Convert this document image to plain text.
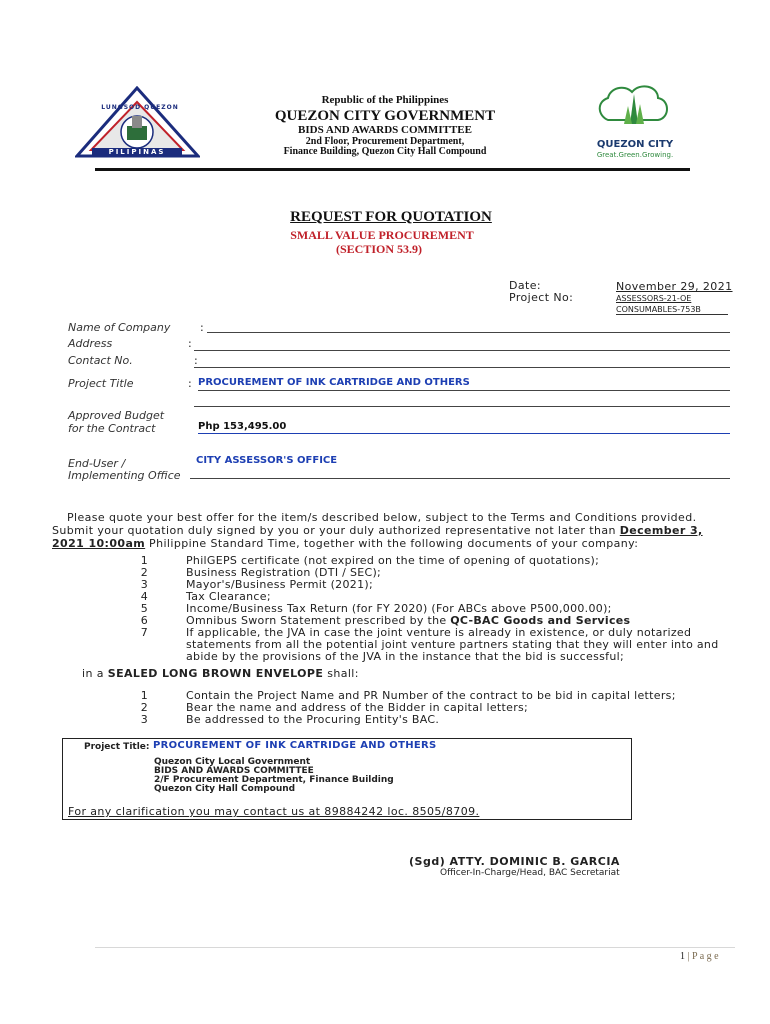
LUNGSOD QUEZON
PILIPINAS
Republic of the Philippines
QUEZON CITY GOVERNMENT
BIDS AND AWARDS COMMITTEE
2nd Floor, Procurement Department,
Finance Building, Quezon City Hall Compound
QUEZON CITY
Great.Green.Growing.
REQUEST FOR QUOTATION
SMALL VALUE PROCUREMENT
(SECTION 53.9)
Date:	November 29, 2021
Project No:	ASSESSORS-21-OE
CONSUMABLES-753B
Name of Company	:
Address	:
Contact No.	:
Project Title	: PROCUREMENT OF INK CARTRIDGE AND OTHERS
Approved Budget
for the Contract	Php 153,495.00
End-User /
Implementing Office
CITY ASSESSOR'S OFFICE
Please quote your best offer for the item/s described below, subject to the Terms and Conditions provided.
Submit your quotation duly signed by you or your duly authorized representative not later than December 3,
2021 10:00am Philippine Standard Time, together with the following documents of your company:
1	PhilGEPS certificate (not expired on the time of opening of quotations);
2	Business Registration (DTI / SEC);
3	Mayor's/Business Permit (2021);
4	Tax Clearance;
5	Income/Business Tax Return (for FY 2020) (For ABCs above P500,000.00);
6	Omnibus Sworn Statement prescribed by the QC-BAC Goods and Services
7	If applicable, the JVA in case the joint venture is already in existence, or duly notarized
statements from all the potential joint venture partners stating that they will enter into and
abide by the provisions of the JVA in the instance that the bid is successful;
in a SEALED LONG BROWN ENVELOPE shall:
1	Contain the Project Name and PR Number of the contract to be bid in capital letters;
2	Bear the name and address of the Bidder in capital letters;
3	Be addressed to the Procuring Entity's BAC.
Project Title: PROCUREMENT OF INK CARTRIDGE AND OTHERS
Quezon City Local Government
BIDS AND AWARDS COMMITTEE
2/F Procurement Department, Finance Building
Quezon City Hall Compound
For any clarification you may contact us at 89884242 loc. 8505/8709.
(Sgd) ATTY. DOMINIC B. GARCIA
Officer-In-Charge/Head, BAC Secretariat
1 | P a g e
